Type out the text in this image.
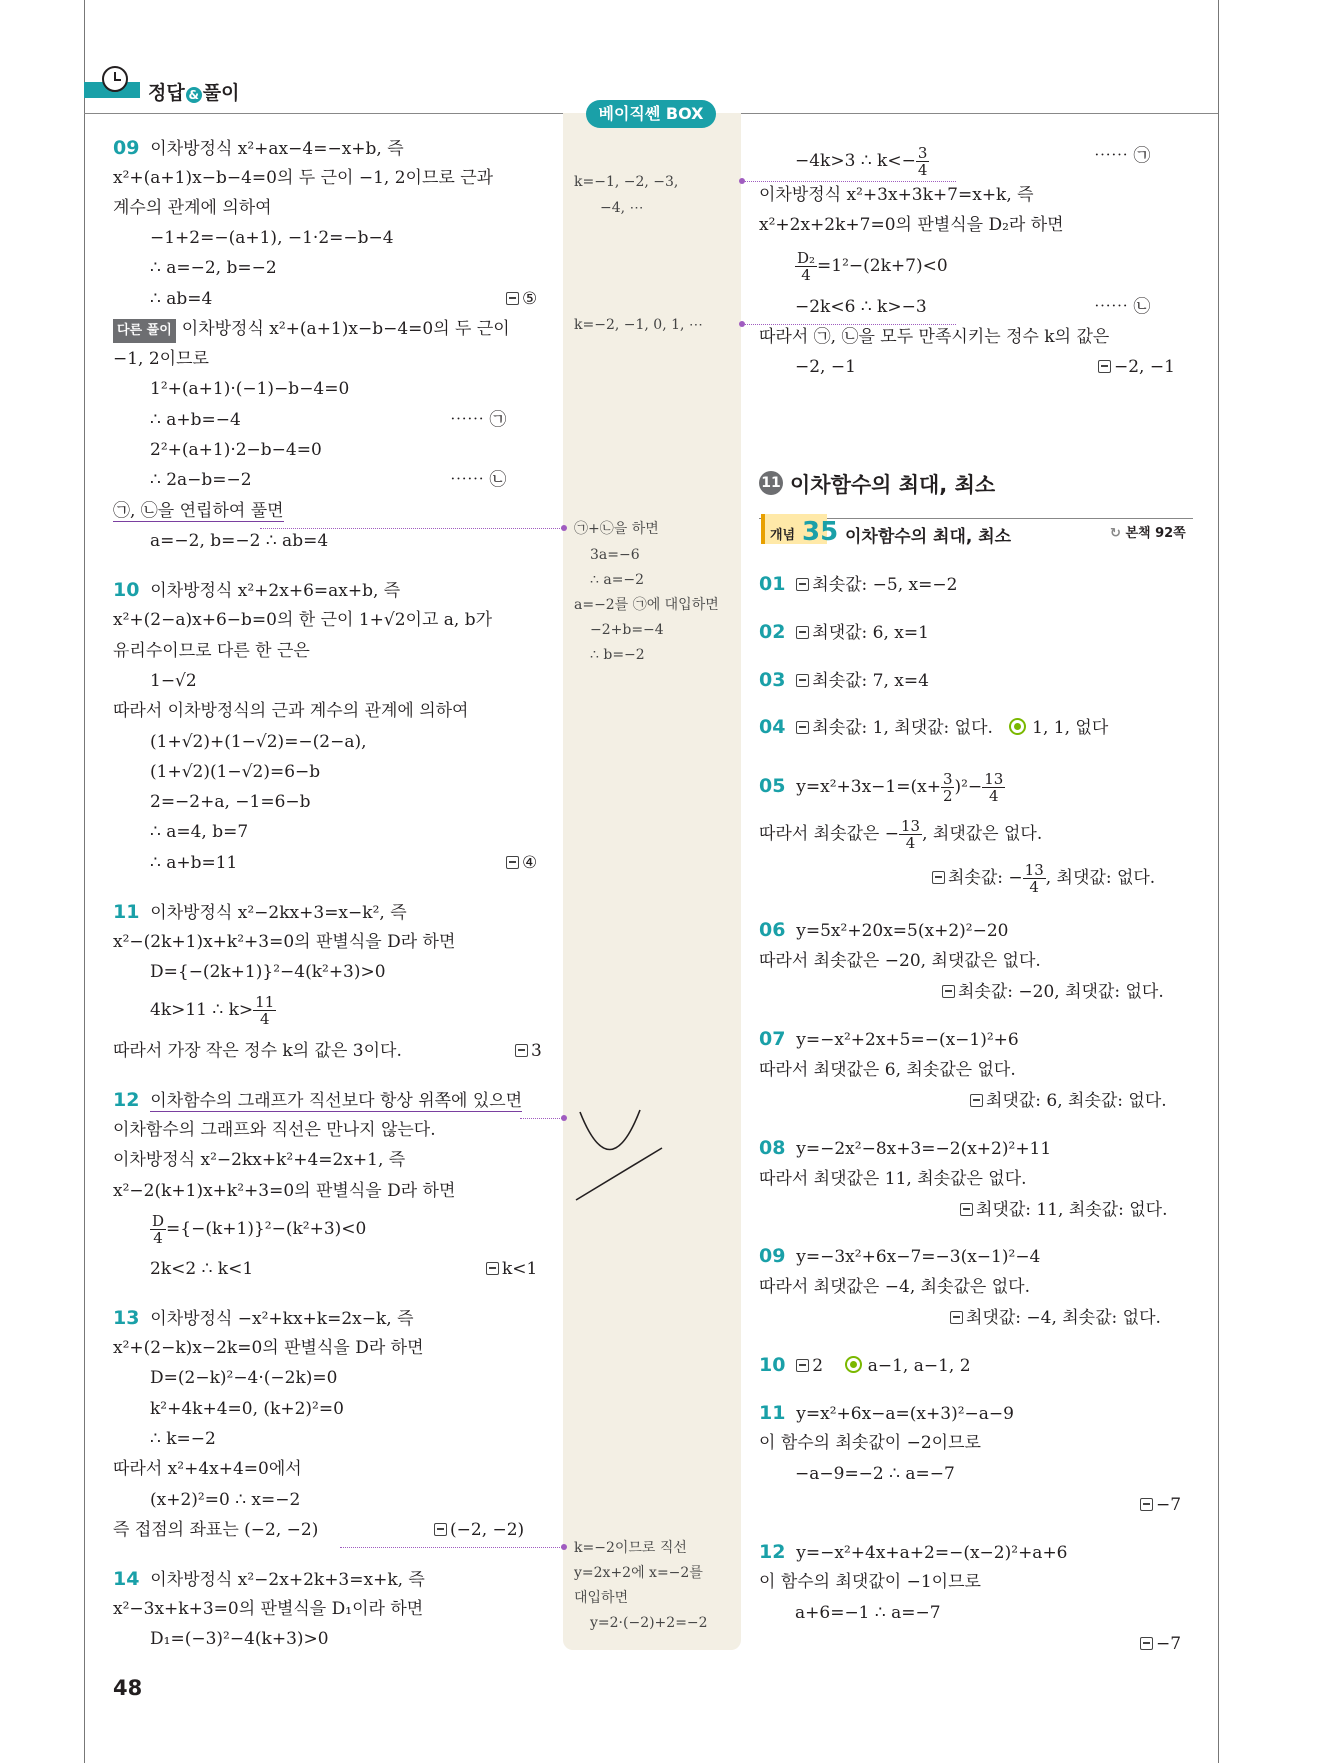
정답 & 풀이
베이직쎈 BOX
09 이차방정식 x²+ax−4=−x+b, 즉
x²+(a+1)x−b−4=0의 두 근이 −1, 2이므로 근과
계수의 관계에 의하여
−1+2=−(a+1), −1·2=−b−4
∴ a=−2, b=−2
∴ ab=4	⑤
다른 풀이 이차방정식 x²+(a+1)x−b−4=0의 두 근이
−1, 2이므로
1²+(a+1)·(−1)−b−4=0
∴ a+b=−4	⋯⋯ ㉠
2²+(a+1)·2−b−4=0
∴ 2a−b=−2	⋯⋯ ㉡
㉠, ㉡을 연립하여 풀면
a=−2, b=−2 ∴ ab=4
10 이차방정식 x²+2x+6=ax+b, 즉
x²+(2−a)x+6−b=0의 한 근이 1+√2이고 a, b가
유리수이므로 다른 한 근은
1−√2
따라서 이차방정식의 근과 계수의 관계에 의하여
(1+√2)+(1−√2)=−(2−a),
(1+√2)(1−√2)=6−b
2=−2+a, −1=6−b
∴ a=4, b=7
∴ a+b=11	④
11 이차방정식 x²−2kx+3=x−k², 즉
x²−(2k+1)x+k²+3=0의 판별식을 D라 하면
D={−(2k+1)}²−4(k²+3)>0
4k>11 ∴ $k> \frac{11}{4}$
따라서 가장 작은 정수 k의 값은 3이다.	3
12 이차함수의 그래프가 직선보다 항상 위쪽에 있으면
이차함수의 그래프와 직선은 만나지 않는다.
이차방정식 x²−2kx+k²+4=2x+1, 즉
x²−2(k+1)x+k²+3=0의 판별식을 D라 하면
$\frac{D}{4} =\{-(k+1)\}^2-(k^2+3)<0$
2k<2 ∴ k<1	k<1
13 이차방정식 −x²+kx+k=2x−k, 즉
x²+(2−k)x−2k=0의 판별식을 D라 하면
D=(2−k)²−4·(−2k)=0
k²+4k+4=0, (k+2)²=0
∴ k=−2
따라서 x²+4x+4=0에서
(x+2)²=0 ∴ x=−2
즉 접점의 좌표는 (−2, −2)	(−2, −2)
14 이차방정식 x²−2x+2k+3=x+k, 즉
x²−3x+k+3=0의 판별식을 D₁이라 하면
D₁=(−3)²−4(k+3)>0
48
k=−1, −2, −3,
−4, ⋯
k=−2, −1, 0, 1, ⋯
㉠+㉡을 하면
3a=−6
∴ a=−2
a=−2를 ㉠에 대입하면
−2+b=−4
∴ b=−2
k=−2이므로 직선
y=2x+2에 x=−2를
대입하면
y=2·(−2)+2=−2
−4k>3 ∴ $k<- \frac{3}{4}$	⋯⋯ ㉠
이차방정식 x²+3x+3k+7=x+k, 즉
x²+2x+2k+7=0의 판별식을 D₂라 하면
$\frac{\text{D₂}}{4} =1^2-(2k+7)<0$
−2k<6 ∴ k>−3	⋯⋯ ㉡
따라서 ㉠, ㉡을 모두 만족시키는 정수 k의 값은
−2, −1	−2, −1
11 이차함수의 최대, 최소
개념 35 이차함수의 최대, 최소	↻ 본책 92쪽
01 최솟값: −5, x=−2
02 최댓값: 6, x=1
03 최솟값: 7, x=4
04 최솟값: 1, 최댓값: 없다. 1, 1, 없다
05 $y=x^2+3x-1=(x+ \frac{3}{2} )^2- \frac{13}{4}$
따라서 최솟값은 − $\frac{13}{4}$ , 최댓값은 없다.
최솟값: − $\frac{13}{4}$ , 최댓값: 없다.
06 y=5x²+20x=5(x+2)²−20
따라서 최솟값은 −20, 최댓값은 없다.
최솟값: −20, 최댓값: 없다.
07 y=−x²+2x+5=−(x−1)²+6
따라서 최댓값은 6, 최솟값은 없다.
최댓값: 6, 최솟값: 없다.
08 y=−2x²−8x+3=−2(x+2)²+11
따라서 최댓값은 11, 최솟값은 없다.
최댓값: 11, 최솟값: 없다.
09 y=−3x²+6x−7=−3(x−1)²−4
따라서 최댓값은 −4, 최솟값은 없다.
최댓값: −4, 최솟값: 없다.
10 2	a−1, a−1, 2
11 y=x²+6x−a=(x+3)²−a−9
이 함수의 최솟값이 −2이므로
−a−9=−2 ∴ a=−7
−7
12 y=−x²+4x+a+2=−(x−2)²+a+6
이 함수의 최댓값이 −1이므로
a+6=−1 ∴ a=−7
−7
